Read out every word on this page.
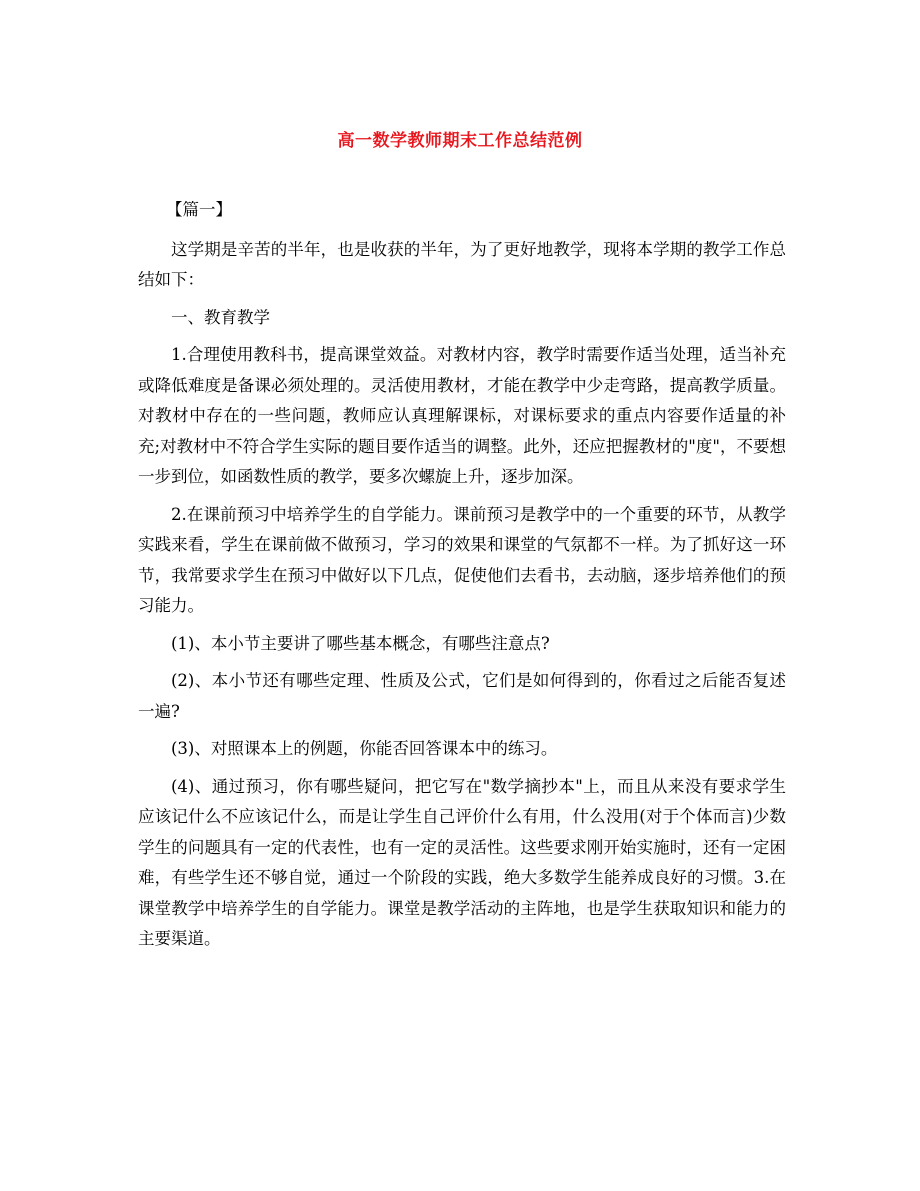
高一数学教师期末工作总结范例

【篇一】

这学期是辛苦的半年，也是收获的半年，为了更好地教学，现将本学期的教学工作总结如下：

一、教育教学

1.合理使用教科书，提高课堂效益。对教材内容，教学时需要作适当处理，适当补充或降低难度是备课必须处理的。灵活使用教材，才能在教学中少走弯路，提高教学质量。对教材中存在的一些问题，教师应认真理解课标，对课标要求的重点内容要作适量的补充;对教材中不符合学生实际的题目要作适当的调整。此外，还应把握教材的"度"，不要想一步到位，如函数性质的教学，要多次螺旋上升，逐步加深。

2.在课前预习中培养学生的自学能力。课前预习是教学中的一个重要的环节，从教学实践来看，学生在课前做不做预习，学习的效果和课堂的气氛都不一样。为了抓好这一环节，我常要求学生在预习中做好以下几点，促使他们去看书，去动脑，逐步培养他们的预习能力。

(1)、本小节主要讲了哪些基本概念，有哪些注意点?

(2)、本小节还有哪些定理、性质及公式，它们是如何得到的，你看过之后能否复述一遍?

(3)、对照课本上的例题，你能否回答课本中的练习。

(4)、通过预习，你有哪些疑问，把它写在"数学摘抄本"上，而且从来没有要求学生应该记什么不应该记什么，而是让学生自己评价什么有用，什么没用(对于个体而言)少数学生的问题具有一定的代表性，也有一定的灵活性。这些要求刚开始实施时，还有一定困难，有些学生还不够自觉，通过一个阶段的实践，绝大多数学生能养成良好的习惯。3.在课堂教学中培养学生的自学能力。课堂是教学活动的主阵地，也是学生获取知识和能力的主要渠道。
